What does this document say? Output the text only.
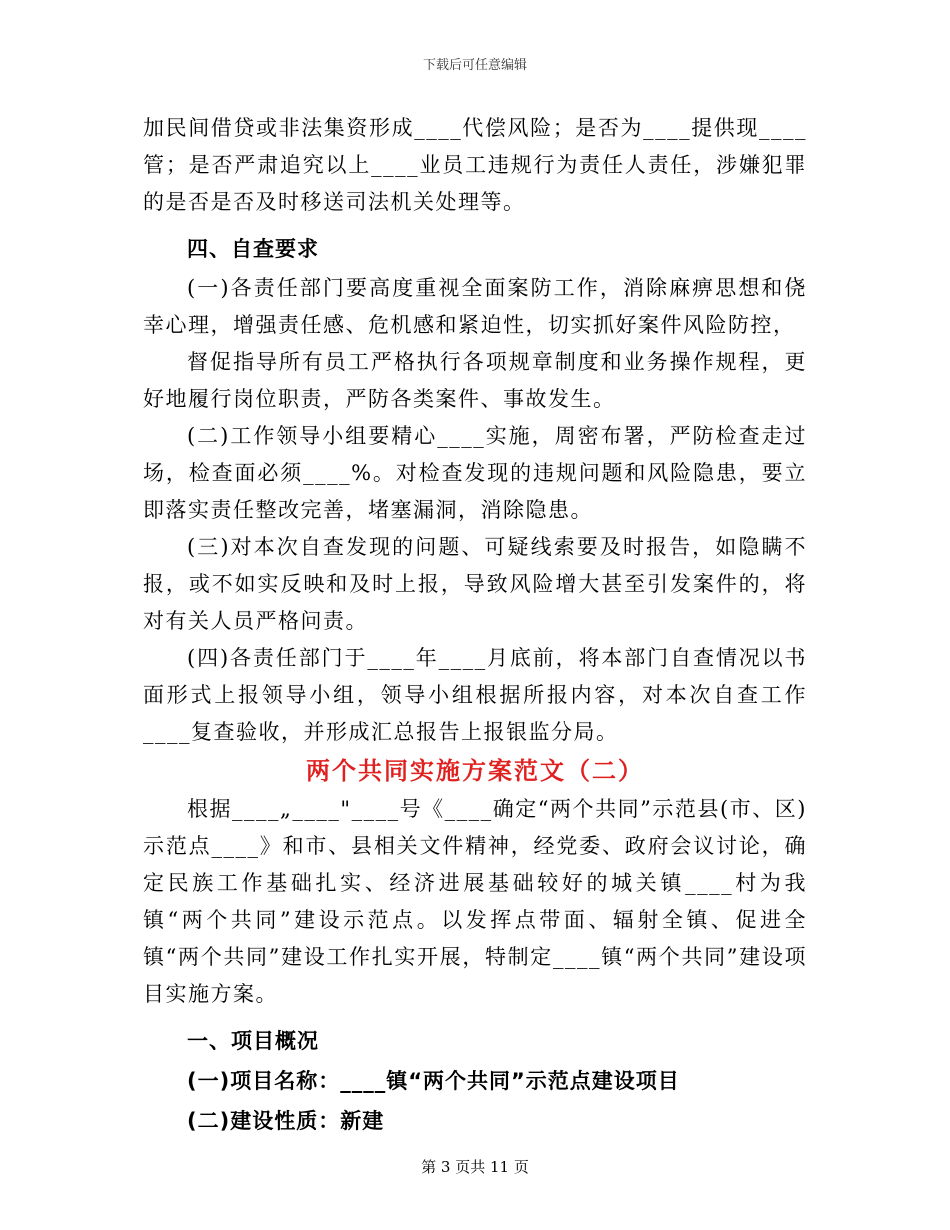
下载后可任意编辑

加民间借贷或非法集资形成____代偿风险；是否为____提供现____管；是否严肃追究以上____业员工违规行为责任人责任，涉嫌犯罪的是否是否及时移送司法机关处理等。

四、自查要求

(一)各责任部门要高度重视全面案防工作，消除麻痹思想和侥幸心理，增强责任感、危机感和紧迫性，切实抓好案件风险防控，

督促指导所有员工严格执行各项规章制度和业务操作规程，更好地履行岗位职责，严防各类案件、事故发生。

(二)工作领导小组要精心____实施，周密布署，严防检查走过场，检查面必须____%。对检查发现的违规问题和风险隐患，要立即落实责任整改完善，堵塞漏洞，消除隐患。

(三)对本次自查发现的问题、可疑线索要及时报告，如隐瞒不报，或不如实反映和及时上报，导致风险增大甚至引发案件的，将对有关人员严格问责。

(四)各责任部门于____年____月底前，将本部门自查情况以书面形式上报领导小组，领导小组根据所报内容，对本次自查工作____复查验收，并形成汇总报告上报银监分局。

两个共同实施方案范文（二）

根据____„____"____号《____确定“两个共同”示范县(市、区)示范点____》和市、县相关文件精神，经党委、政府会议讨论，确定民族工作基础扎实、经济进展基础较好的城关镇____村为我镇“两个共同”建设示范点。以发挥点带面、辐射全镇、促进全镇“两个共同”建设工作扎实开展，特制定____镇“两个共同”建设项目实施方案。

一、项目概况

(一)项目名称：____镇“两个共同”示范点建设项目

(二)建设性质：新建

第 3 页共 11 页
